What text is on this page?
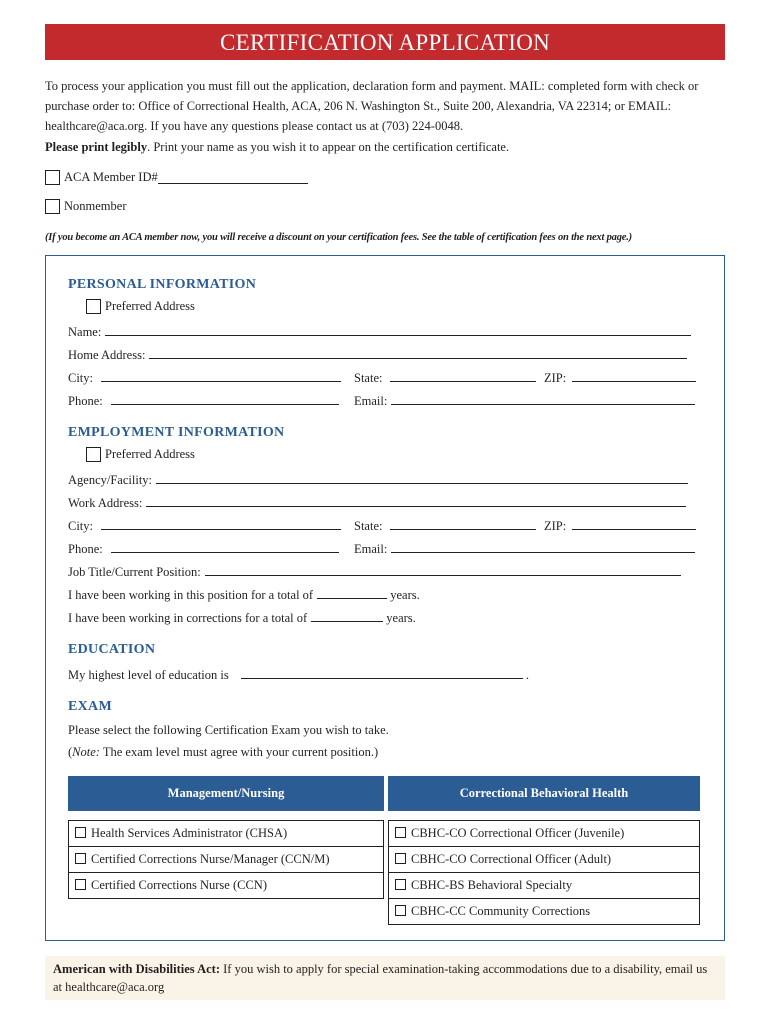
CERTIFICATION APPLICATION
To process your application you must fill out the application, declaration form and payment. MAIL: completed form with check or purchase order to: Office of Correctional Health, ACA, 206 N. Washington St., Suite 200, Alexandria, VA 22314; or EMAIL: healthcare@aca.org. If you have any questions please contact us at (703) 224-0048.
Please print legibly. Print your name as you wish it to appear on the certification certificate.
ACA Member ID#
Nonmember
(If you become an ACA member now, you will receive a discount on your certification fees. See the table of certification fees on the next page.)
PERSONAL INFORMATION
Preferred Address
Name:
Home Address:
City:	State:	ZIP:
Phone:	Email:
EMPLOYMENT INFORMATION
Preferred Address
Agency/Facility:
Work Address:
City:	State:	ZIP:
Phone:	Email:
Job Title/Current Position:
I have been working in this position for a total of	years.
I have been working in corrections for a total of	years.
EDUCATION
My highest level of education is	.
EXAM
Please select the following Certification Exam you wish to take.
(Note: The exam level must agree with your current position.)
Management/Nursing		Correctional Behavioral Health

Health Services Administrator (CHSA)		CBHC-CO Correctional Officer (Juvenile)
Certified Corrections Nurse/Manager (CCN/M)		CBHC-CO Correctional Officer (Adult)
Certified Corrections Nurse (CCN)		CBHC-BS Behavioral Specialty
		CBHC-CC Community Corrections
American with Disabilities Act: If you wish to apply for special examination-taking accommodations due to a disability, email us at healthcare@aca.org
